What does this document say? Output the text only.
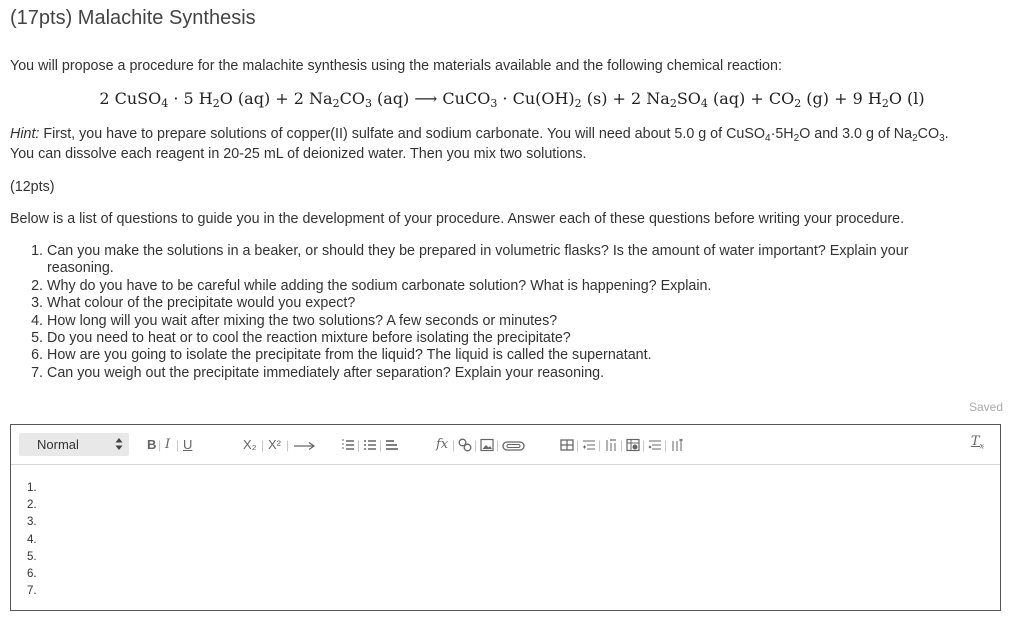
(17pts) Malachite Synthesis
You will propose a procedure for the malachite synthesis using the materials available and the following chemical reaction:
2 CuSO$_4$ · 5 $H_2O$ (aq) + 2 $Na_2CO_3$ (aq) ⟶ CuCO$_3$ · $Cu(OH)_2$ (s) + 2 $Na_2SO_4$ $(aq) + CO_2$ (g) + 9 $H_2O$ (l)
Hint: First, you have to prepare solutions of copper(II) sulfate and sodium carbonate. You will need about 5.0 g of $CuSO_4\cdot 5H_2O$ and 3.0 g of $Na_2CO_3$.
You can dissolve each reagent in 20-25 mL of deionized water. Then you mix two solutions.
(12pts)
Below is a list of questions to guide you in the development of your procedure. Answer each of these questions before writing your procedure.
1. Can you make the solutions in a beaker, or should they be prepared in volumetric flasks? Is the amount of water important? Explain your reasoning.
2. Why do you have to be careful while adding the sodium carbonate solution? What is happening? Explain.
3. What colour of the precipitate would you expect?
4. How long will you wait after mixing the two solutions? A few seconds or minutes?
5. Do you need to heat or to cool the reaction mixture before isolating the precipitate?
6. How are you going to isolate the precipitate from the liquid? The liquid is called the supernatant.
7. Can you weigh out the precipitate immediately after separation? Explain your reasoning.
Saved
Normal	B | I | U	X₂ | X² |	| |	fx | | |	| | | | |	$T_x$
1.
2.
3.
4.
5.
6.
7.
